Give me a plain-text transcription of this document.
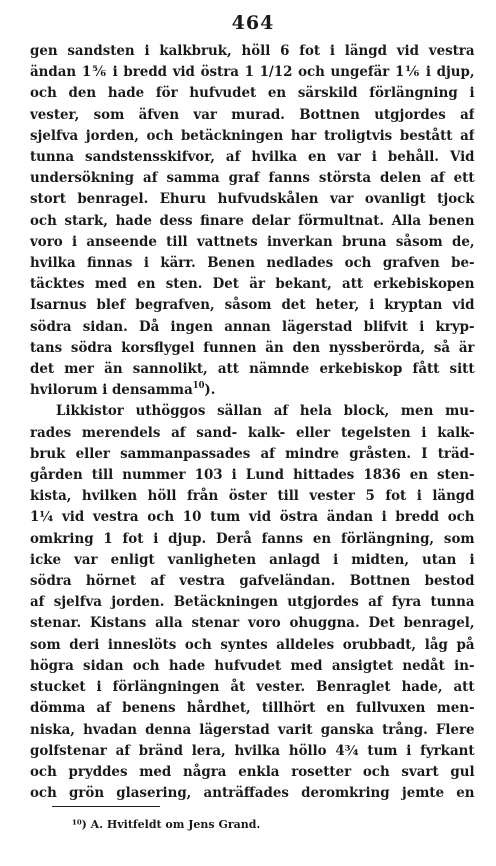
464
gen sandsten i kalkbruk, höll 6 fot i längd vid vestra
ändan 1⅚ i bredd vid östra 1 1/12 och ungefär 1⅙ i djup,
och den hade för hufvudet en särskild förlängning i
vester, som äfven var murad. Bottnen utgjordes af
sjelfva jorden, och betäckningen har troligtvis bestått af
tunna sandstensskifvor, af hvilka en var i behåll. Vid
undersökning af samma graf fanns största delen af ett
stort benragel. Ehuru hufvudskålen var ovanligt tjock
och stark, hade dess finare delar förmultnat. Alla benen
voro i anseende till vattnets inverkan bruna såsom de,
hvilka finnas i kärr. Benen nedlades och grafven be-
täcktes med en sten. Det är bekant, att erkebiskopen
Isarnus blef begrafven, såsom det heter, i kryptan vid
södra sidan. Då ingen annan lägerstad blifvit i kryp-
tans södra korsflygel funnen än den nyssberörda, så är
det mer än sannolikt, att nämnde erkebiskop fått sitt
hvilorum i densamma$^{10}$).
Likkistor uthöggos sällan af hela block, men mu-
rades merendels af sand- kalk- eller tegelsten i kalk-
bruk eller sammanpassades af mindre gråsten. I träd-
gården till nummer 103 i Lund hittades 1836 en sten-
kista, hvilken höll från öster till vester 5 fot i längd
1¼ vid vestra och 10 tum vid östra ändan i bredd och
omkring 1 fot i djup. Derå fanns en förlängning, som
icke var enligt vanligheten anlagd i midten, utan i
södra hörnet af vestra gafveländan. Bottnen bestod
af sjelfva jorden. Betäckningen utgjordes af fyra tunna
stenar. Kistans alla stenar voro ohuggna. Det benragel,
som deri inneslöts och syntes alldeles orubbadt, låg på
högra sidan och hade hufvudet med ansigtet nedåt in-
stucket i förlängningen åt vester. Benraglet hade, att
dömma af benens hårdhet, tillhört en fullvuxen men-
niska, hvadan denna lägerstad varit ganska trång. Flere
golfstenar af bränd lera, hvilka höllo 4¾ tum i fyrkant
och pryddes med några enkla rosetter och svart gul
och grön glasering, anträffades deromkring jemte en
¹⁰) A. Hvitfeldt om Jens Grand.
